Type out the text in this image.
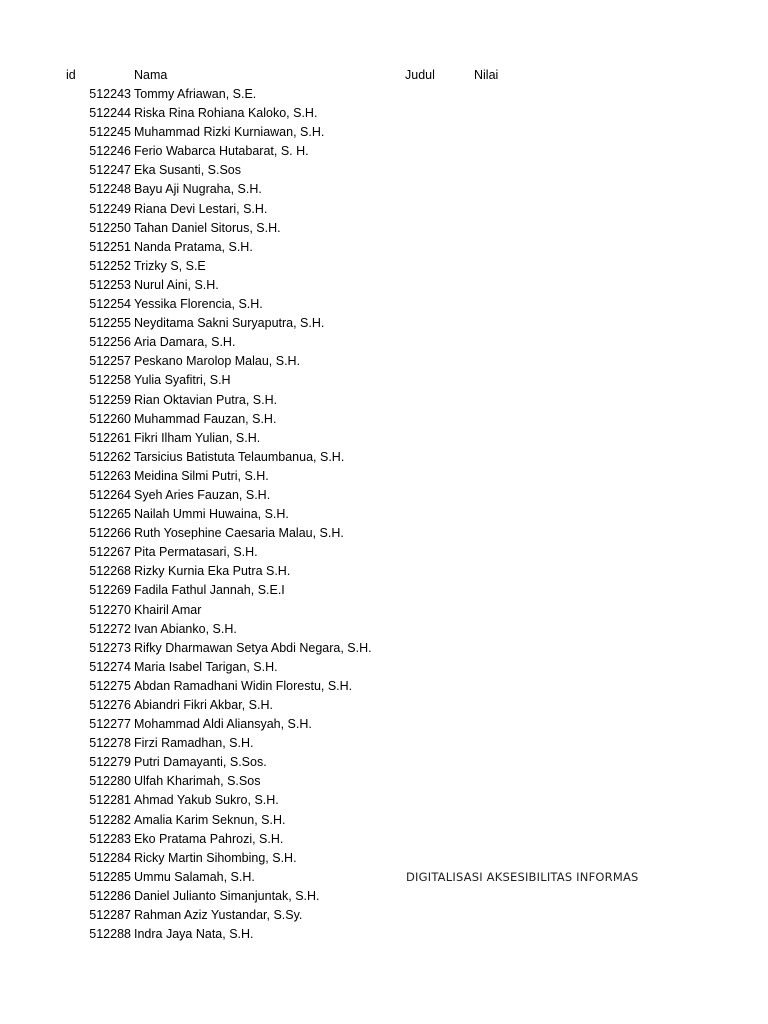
id	Nama	Judul	Nilai
512243 Tommy Afriawan, S.E.
512244 Riska Rina Rohiana Kaloko, S.H.
512245 Muhammad Rizki Kurniawan, S.H.
512246 Ferio Wabarca Hutabarat, S. H.
512247 Eka Susanti, S.Sos
512248 Bayu Aji Nugraha, S.H.
512249 Riana Devi Lestari, S.H.
512250 Tahan Daniel Sitorus, S.H.
512251 Nanda Pratama, S.H.
512252 Trizky S, S.E
512253 Nurul Aini, S.H.
512254 Yessika Florencia, S.H.
512255 Neyditama Sakni Suryaputra, S.H.
512256 Aria Damara, S.H.
512257 Peskano Marolop Malau, S.H.
512258 Yulia Syafitri, S.H
512259 Rian Oktavian Putra, S.H.
512260 Muhammad Fauzan, S.H.
512261 Fikri Ilham Yulian, S.H.
512262 Tarsicius Batistuta Telaumbanua, S.H.
512263 Meidina Silmi Putri, S.H.
512264 Syeh Aries Fauzan, S.H.
512265 Nailah Ummi Huwaina, S.H.
512266 Ruth Yosephine Caesaria Malau, S.H.
512267 Pita Permatasari, S.H.
512268 Rizky Kurnia Eka Putra S.H.
512269 Fadila Fathul Jannah, S.E.I
512270 Khairil Amar
512272 Ivan Abianko, S.H.
512273 Rifky Dharmawan Setya Abdi Negara, S.H.
512274 Maria Isabel Tarigan, S.H.
512275 Abdan Ramadhani Widin Florestu, S.H.
512276 Abiandri Fikri Akbar, S.H.
512277 Mohammad Aldi Aliansyah, S.H.
512278 Firzi Ramadhan, S.H.
512279 Putri Damayanti, S.Sos.
512280 Ulfah Kharimah, S.Sos
512281 Ahmad Yakub Sukro, S.H.
512282 Amalia Karim Seknun, S.H.
512283 Eko Pratama Pahrozi, S.H.
512284 Ricky Martin Sihombing, S.H.
512285 Ummu Salamah, S.H.	DIGITALISASI AKSESIBILITAS INFORMAS
512286 Daniel Julianto Simanjuntak, S.H.
512287 Rahman Aziz Yustandar, S.Sy.
512288 Indra Jaya Nata, S.H.
